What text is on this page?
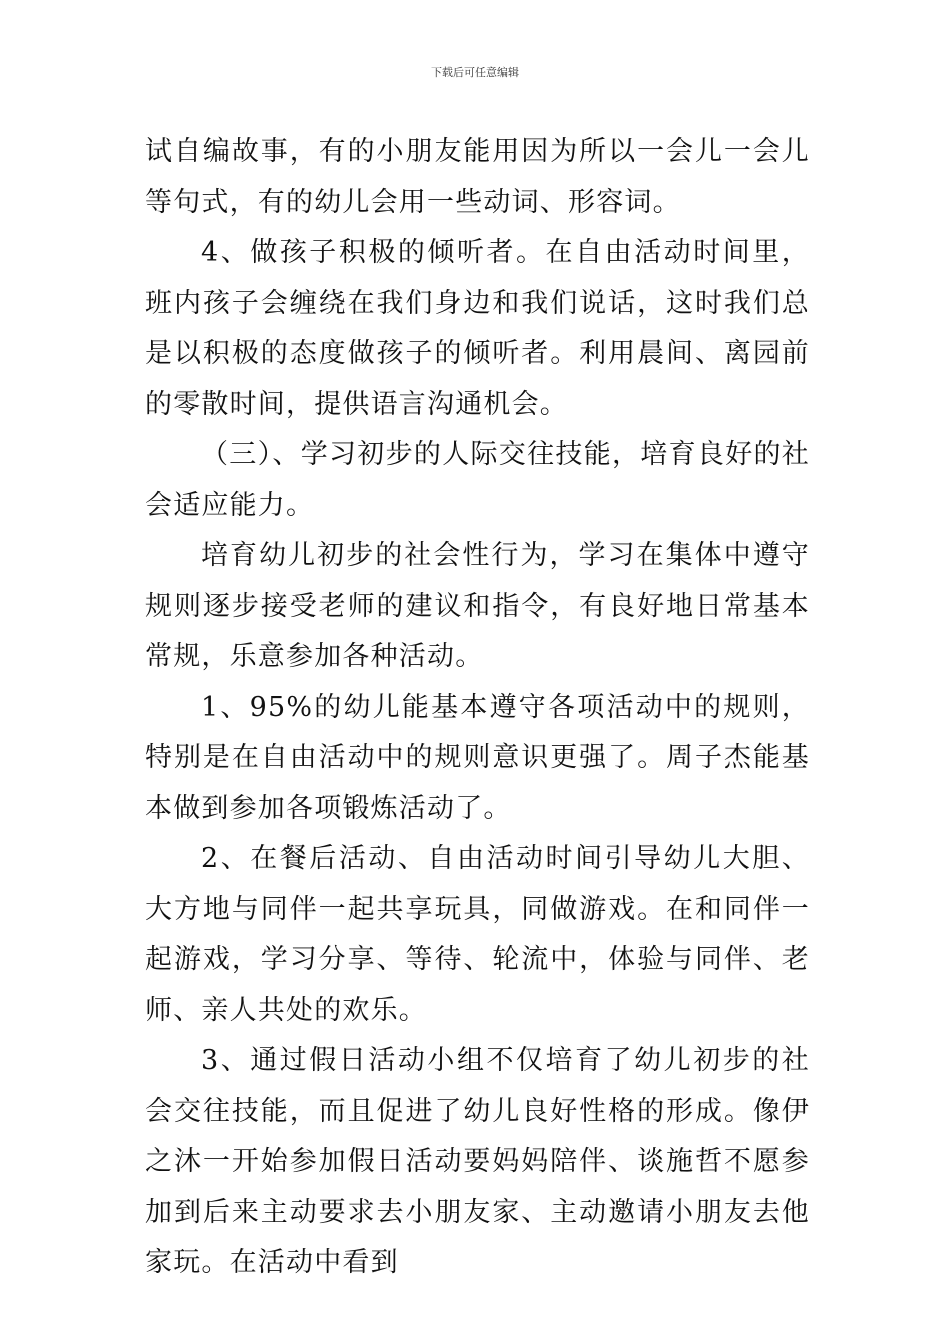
下载后可任意编辑

试自编故事，有的小朋友能用因为所以一会儿一会儿等句式，有的幼儿会用一些动词、形容词。

4、做孩子积极的倾听者。在自由活动时间里，班内孩子会缠绕在我们身边和我们说话，这时我们总是以积极的态度做孩子的倾听者。利用晨间、离园前的零散时间，提供语言沟通机会。

（三）、学习初步的人际交往技能，培育良好的社会适应能力。

培育幼儿初步的社会性行为，学习在集体中遵守规则逐步接受老师的建议和指令，有良好地日常基本常规，乐意参加各种活动。

1、95%的幼儿能基本遵守各项活动中的规则，特别是在自由活动中的规则意识更强了。周子杰能基本做到参加各项锻炼活动了。

2、在餐后活动、自由活动时间引导幼儿大胆、大方地与同伴一起共享玩具，同做游戏。在和同伴一起游戏，学习分享、等待、轮流中，体验与同伴、老师、亲人共处的欢乐。

3、通过假日活动小组不仅培育了幼儿初步的社会交往技能，而且促进了幼儿良好性格的形成。像伊之沐一开始参加假日活动要妈妈陪伴、谈施哲不愿参加到后来主动要求去小朋友家、主动邀请小朋友去他家玩。在活动中看到
